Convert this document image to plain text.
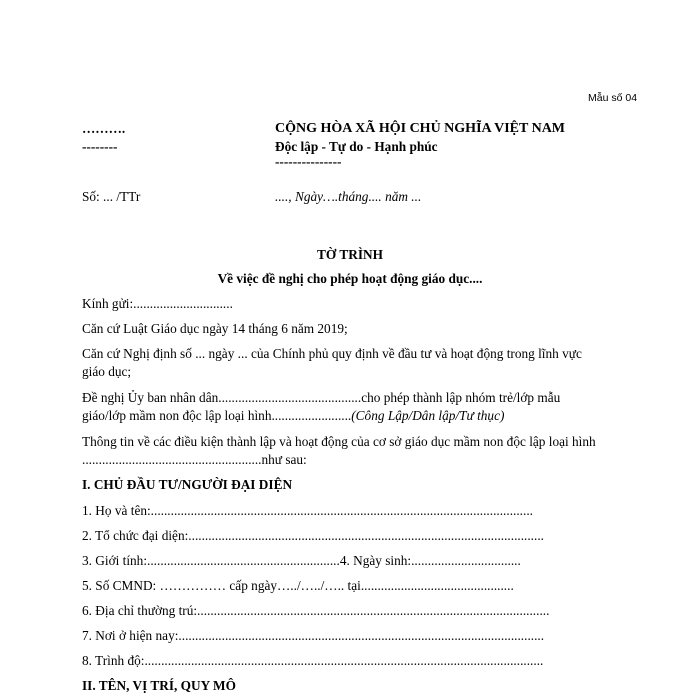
Mẫu số 04
……….
--------
CỘNG HÒA XÃ HỘI CHỦ NGHĨA VIỆT NAM
Độc lập - Tự do - Hạnh phúc
---------------
Số: ... /TTr	...., Ngày….tháng.... năm ...
TỜ TRÌNH
Về việc đề nghị cho phép hoạt động giáo dục....
Kính gửi:..............................
Căn cứ Luật Giáo dục ngày 14 tháng 6 năm 2019;
Căn cứ Nghị định số ... ngày ... của Chính phủ quy định về đầu tư và hoạt động trong lĩnh vực
giáo dục;
Đề nghị Ủy ban nhân dân...........................................cho phép thành lập nhóm trẻ/lớp mẫu
giáo/lớp mầm non độc lập loại hình........................(Công Lập/Dân lập/Tư thục)
Thông tin về các điều kiện thành lập và hoạt động của cơ sở giáo dục mầm non độc lập loại hình
......................................................như sau:
I. CHỦ ĐẦU TƯ/NGƯỜI ĐẠI DIỆN
1. Họ và tên:...................................................................................................................
2. Tổ chức đại diện:...........................................................................................................
3. Giới tính:..........................................................4. Ngày sinh:.................................
5. Số CMND: …………… cấp ngày…../…../….. tại..............................................
6. Địa chỉ thường trú:..........................................................................................................
7. Nơi ở hiện nay:..............................................................................................................
8. Trình độ:........................................................................................................................
II. TÊN, VỊ TRÍ, QUY MÔ
